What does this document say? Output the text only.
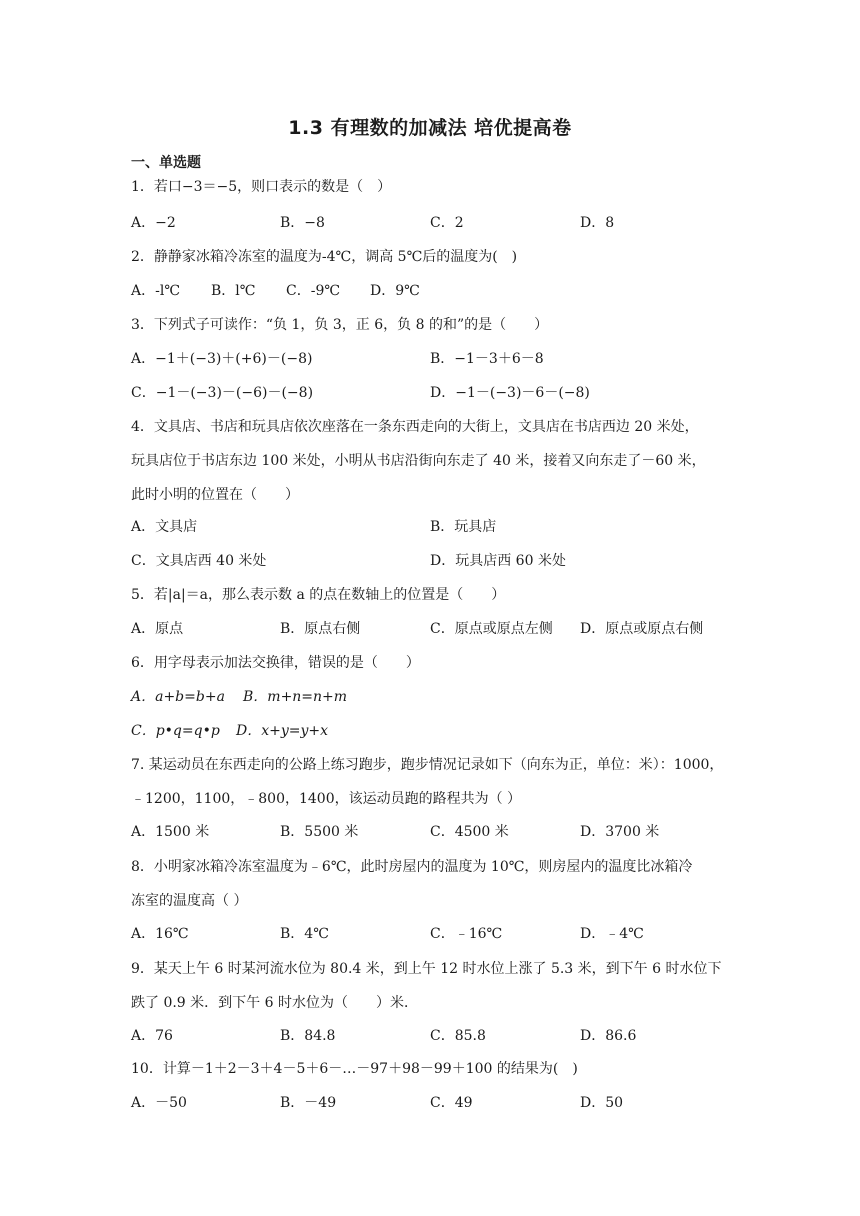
1.3 有理数的加减法 培优提高卷
一、单选题
1．若口−3＝−5，则口表示的数是（　）
A．−2	B．−8	C．2	D．8
2．静静家冰箱冷冻室的温度为-4℃，调高 5℃后的温度为(　)
A．-l℃ B．l℃ C．-9℃ D．9℃
3．下列式子可读作：“负 1，负 3，正 6，负 8 的和”的是（　　）
A．−1＋(−3)＋(+6)－(−8)	B．−1－3＋6－8
C．−1－(−3)－(−6)－(−8)	D．−1－(−3)－6－(−8)
4．文具店、书店和玩具店依次座落在一条东西走向的大街上，文具店在书店西边 20 米处，
玩具店位于书店东边 100 米处，小明从书店沿街向东走了 40 米，接着又向东走了－60 米，
此时小明的位置在（　　）
A．文具店	B．玩具店
C．文具店西 40 米处	D．玩具店西 60 米处
5．若|a|＝a，那么表示数 a 的点在数轴上的位置是（　　）
A．原点	B．原点右侧	C．原点或原点左侧 D．原点或原点右侧
6．用字母表示加法交换律，错误的是（　　）
A．a+b=b+a B．m+n=n+m
C．p•q=q•p D．x+y=y+x
7. 某运动员在东西走向的公路上练习跑步，跑步情况记录如下（向东为正，单位：米）：1000，
﹣1200，1100，﹣800，1400，该运动员跑的路程共为（ ）
A．1500 米	B．5500 米	C．4500 米	D．3700 米
8．小明家冰箱冷冻室温度为﹣6℃，此时房屋内的温度为 10℃，则房屋内的温度比冰箱冷
冻室的温度高（ ）
A．16℃	B．4℃	C．﹣16℃	D．﹣4℃
9．某天上午 6 时某河流水位为 80.4 米，到上午 12 时水位上涨了 5.3 米，到下午 6 时水位下
跌了 0.9 米．到下午 6 时水位为（　　）米．
A．76	B．84.8	C．85.8	D．86.6
10．计算－1＋2－3＋4－5＋6－…－97＋98－99＋100 的结果为(　)
A．－50	B．－49	C．49	D．50
